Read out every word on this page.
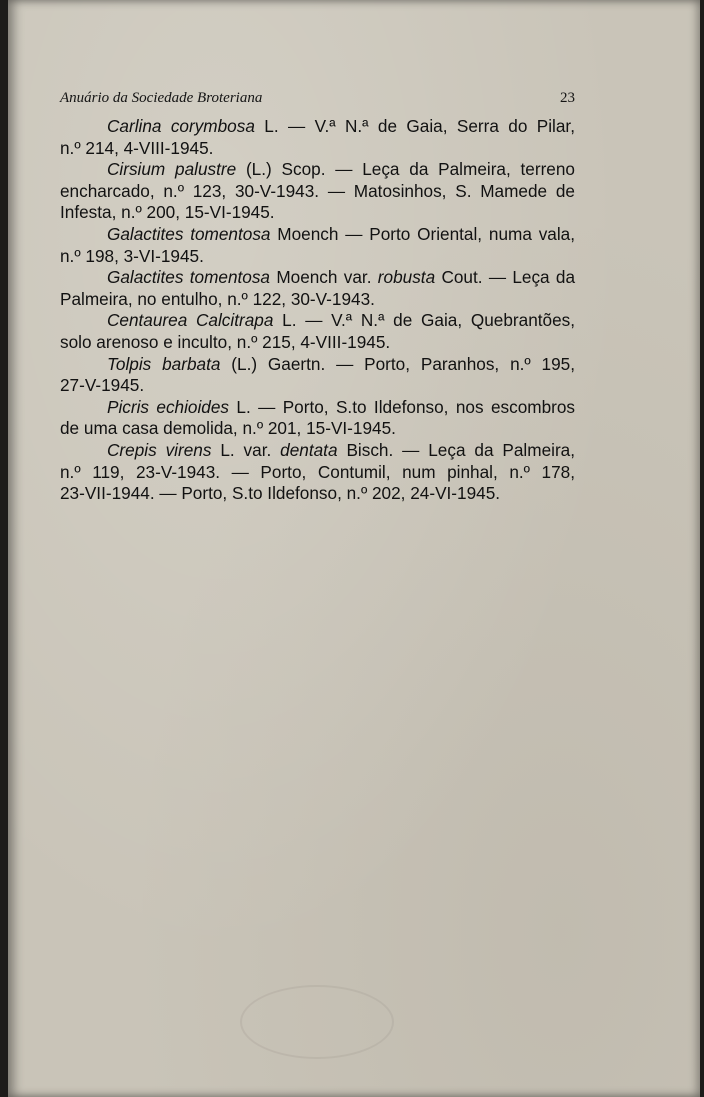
Anuário da Sociedade Broteriana	23

Carlina corymbosa L. — V.ª N.ª de Gaia, Serra do Pilar,
n.º 214, 4-VIII-1945.

Cirsium palustre (L.) Scop. — Leça da Palmeira, terreno
encharcado, n.º 123, 30-V-1943. — Matosinhos, S. Mamede de
Infesta, n.º 200, 15-VI-1945.

Galactites tomentosa Moench — Porto Oriental, numa vala,
n.º 198, 3-VI-1945.

Galactites tomentosa Moench var. robusta Cout. — Leça da
Palmeira, no entulho, n.º 122, 30-V-1943.

Centaurea Calcitrapa L. — V.ª N.ª de Gaia, Quebrantões,
solo arenoso e inculto, n.º 215, 4-VIII-1945.

Tolpis barbata (L.) Gaertn. — Porto, Paranhos, n.º 195,
27-V-1945.

Picris echioides L. — Porto, S.to Ildefonso, nos escombros
de uma casa demolida, n.º 201, 15-VI-1945.

Crepis virens L. var. dentata Bisch. — Leça da Palmeira,
n.º 119, 23-V-1943. — Porto, Contumil, num pinhal, n.º 178,
23-VII-1944. — Porto, S.to Ildefonso, n.º 202, 24-VI-1945.
